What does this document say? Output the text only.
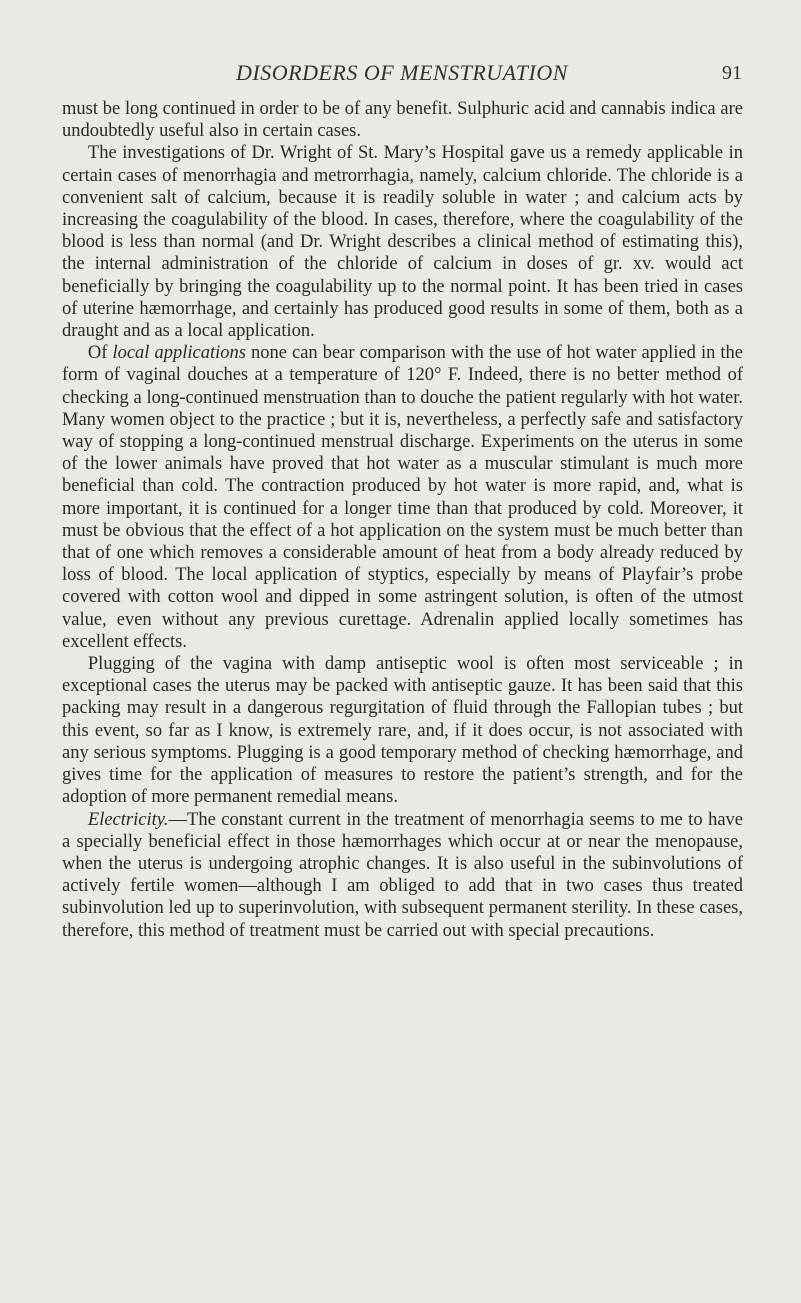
DISORDERS OF MENSTRUATION	91

must be long continued in order to be of any benefit. Sulphuric acid and cannabis indica are undoubtedly useful also in certain cases.

The investigations of Dr. Wright of St. Mary’s Hospital gave us a remedy applicable in certain cases of menorrhagia and metrorrhagia, namely, calcium chloride. The chloride is a convenient salt of calcium, because it is readily soluble in water ; and calcium acts by increasing the coagulability of the blood. In cases, therefore, where the coagulability of the blood is less than normal (and Dr. Wright describes a clinical method of estimating this), the internal administration of the chloride of calcium in doses of gr. xv. would act beneficially by bringing the coagulability up to the normal point. It has been tried in cases of uterine hæmorrhage, and certainly has produced good results in some of them, both as a draught and as a local application.

Of local applications none can bear comparison with the use of hot water applied in the form of vaginal douches at a temperature of 120° F. Indeed, there is no better method of checking a long-continued menstruation than to douche the patient regularly with hot water. Many women object to the practice ; but it is, nevertheless, a perfectly safe and satisfactory way of stopping a long-continued menstrual discharge. Experiments on the uterus in some of the lower animals have proved that hot water as a muscular stimulant is much more beneficial than cold. The contraction produced by hot water is more rapid, and, what is more important, it is continued for a longer time than that produced by cold. Moreover, it must be obvious that the effect of a hot application on the system must be much better than that of one which removes a considerable amount of heat from a body already reduced by loss of blood. The local application of styptics, especially by means of Playfair’s probe covered with cotton wool and dipped in some astringent solution, is often of the utmost value, even without any previous curettage. Adrenalin applied locally sometimes has excellent effects.

Plugging of the vagina with damp antiseptic wool is often most serviceable ; in exceptional cases the uterus may be packed with antiseptic gauze. It has been said that this packing may result in a dangerous regurgitation of fluid through the Fallopian tubes ; but this event, so far as I know, is extremely rare, and, if it does occur, is not associated with any serious symptoms. Plugging is a good temporary method of checking hæmorrhage, and gives time for the application of measures to restore the patient’s strength, and for the adoption of more permanent remedial means.

Electricity.—The constant current in the treatment of menorrhagia seems to me to have a specially beneficial effect in those hæmorrhages which occur at or near the menopause, when the uterus is undergoing atrophic changes. It is also useful in the subinvolutions of actively fertile women—although I am obliged to add that in two cases thus treated subinvolution led up to superinvolution, with subsequent permanent sterility. In these cases, therefore, this method of treatment must be carried out with special precautions.
